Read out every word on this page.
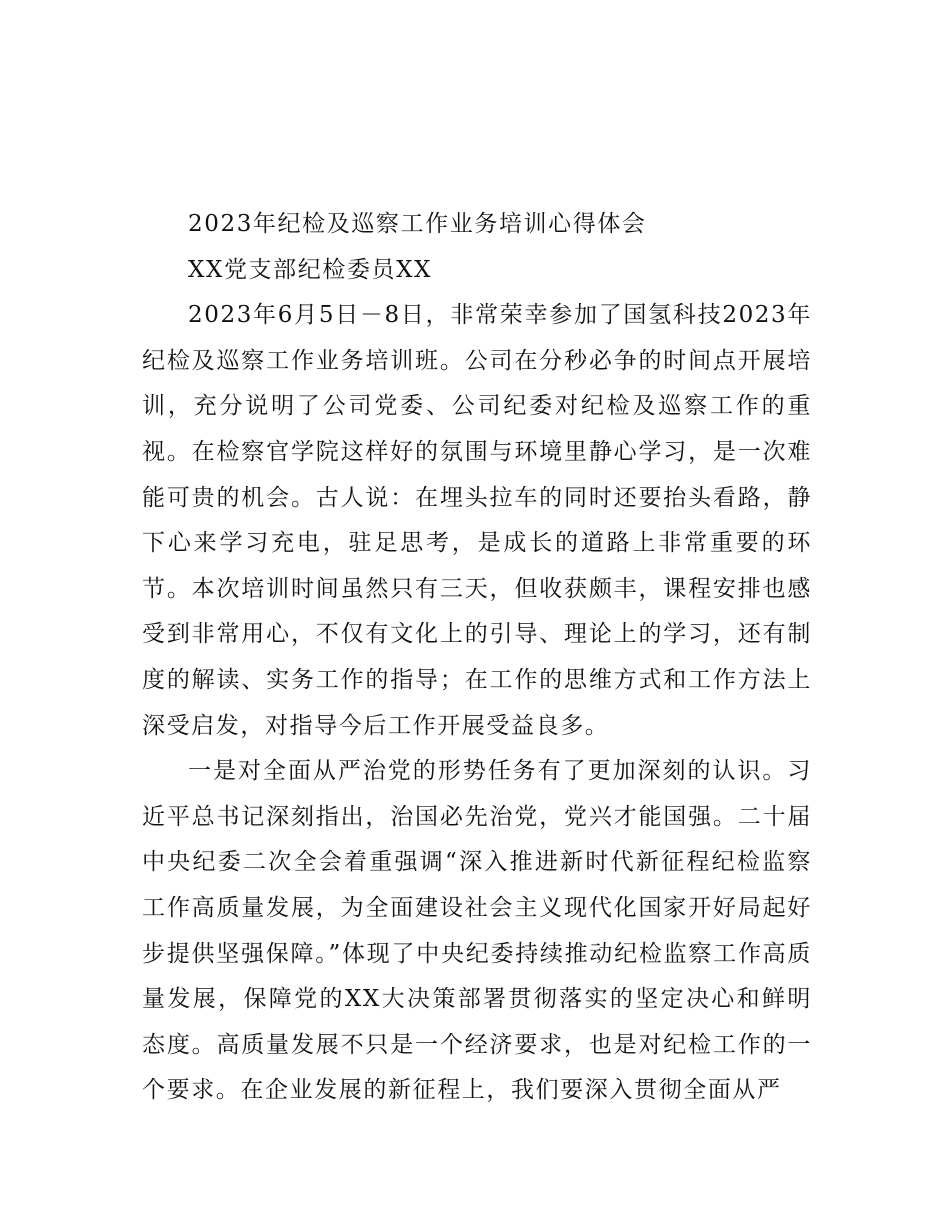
2023年纪检及巡察工作业务培训心得体会

XX党支部纪检委员XX

2023年6月5日－8日，非常荣幸参加了国氢科技2023年纪检及巡察工作业务培训班。公司在分秒必争的时间点开展培训，充分说明了公司党委、公司纪委对纪检及巡察工作的重视。在检察官学院这样好的氛围与环境里静心学习，是一次难能可贵的机会。古人说：在埋头拉车的同时还要抬头看路，静下心来学习充电，驻足思考，是成长的道路上非常重要的环节。本次培训时间虽然只有三天，但收获颇丰，课程安排也感受到非常用心，不仅有文化上的引导、理论上的学习，还有制度的解读、实务工作的指导；在工作的思维方式和工作方法上深受启发，对指导今后工作开展受益良多。

一是对全面从严治党的形势任务有了更加深刻的认识。习近平总书记深刻指出，治国必先治党，党兴才能国强。二十届中央纪委二次全会着重强调“深入推进新时代新征程纪检监察工作高质量发展，为全面建设社会主义现代化国家开好局起好步提供坚强保障。”体现了中央纪委持续推动纪检监察工作高质量发展，保障党的XX大决策部署贯彻落实的坚定决心和鲜明态度。高质量发展不只是一个经济要求，也是对纪检工作的一个要求。在企业发展的新征程上，我们要深入贯彻全面从严
